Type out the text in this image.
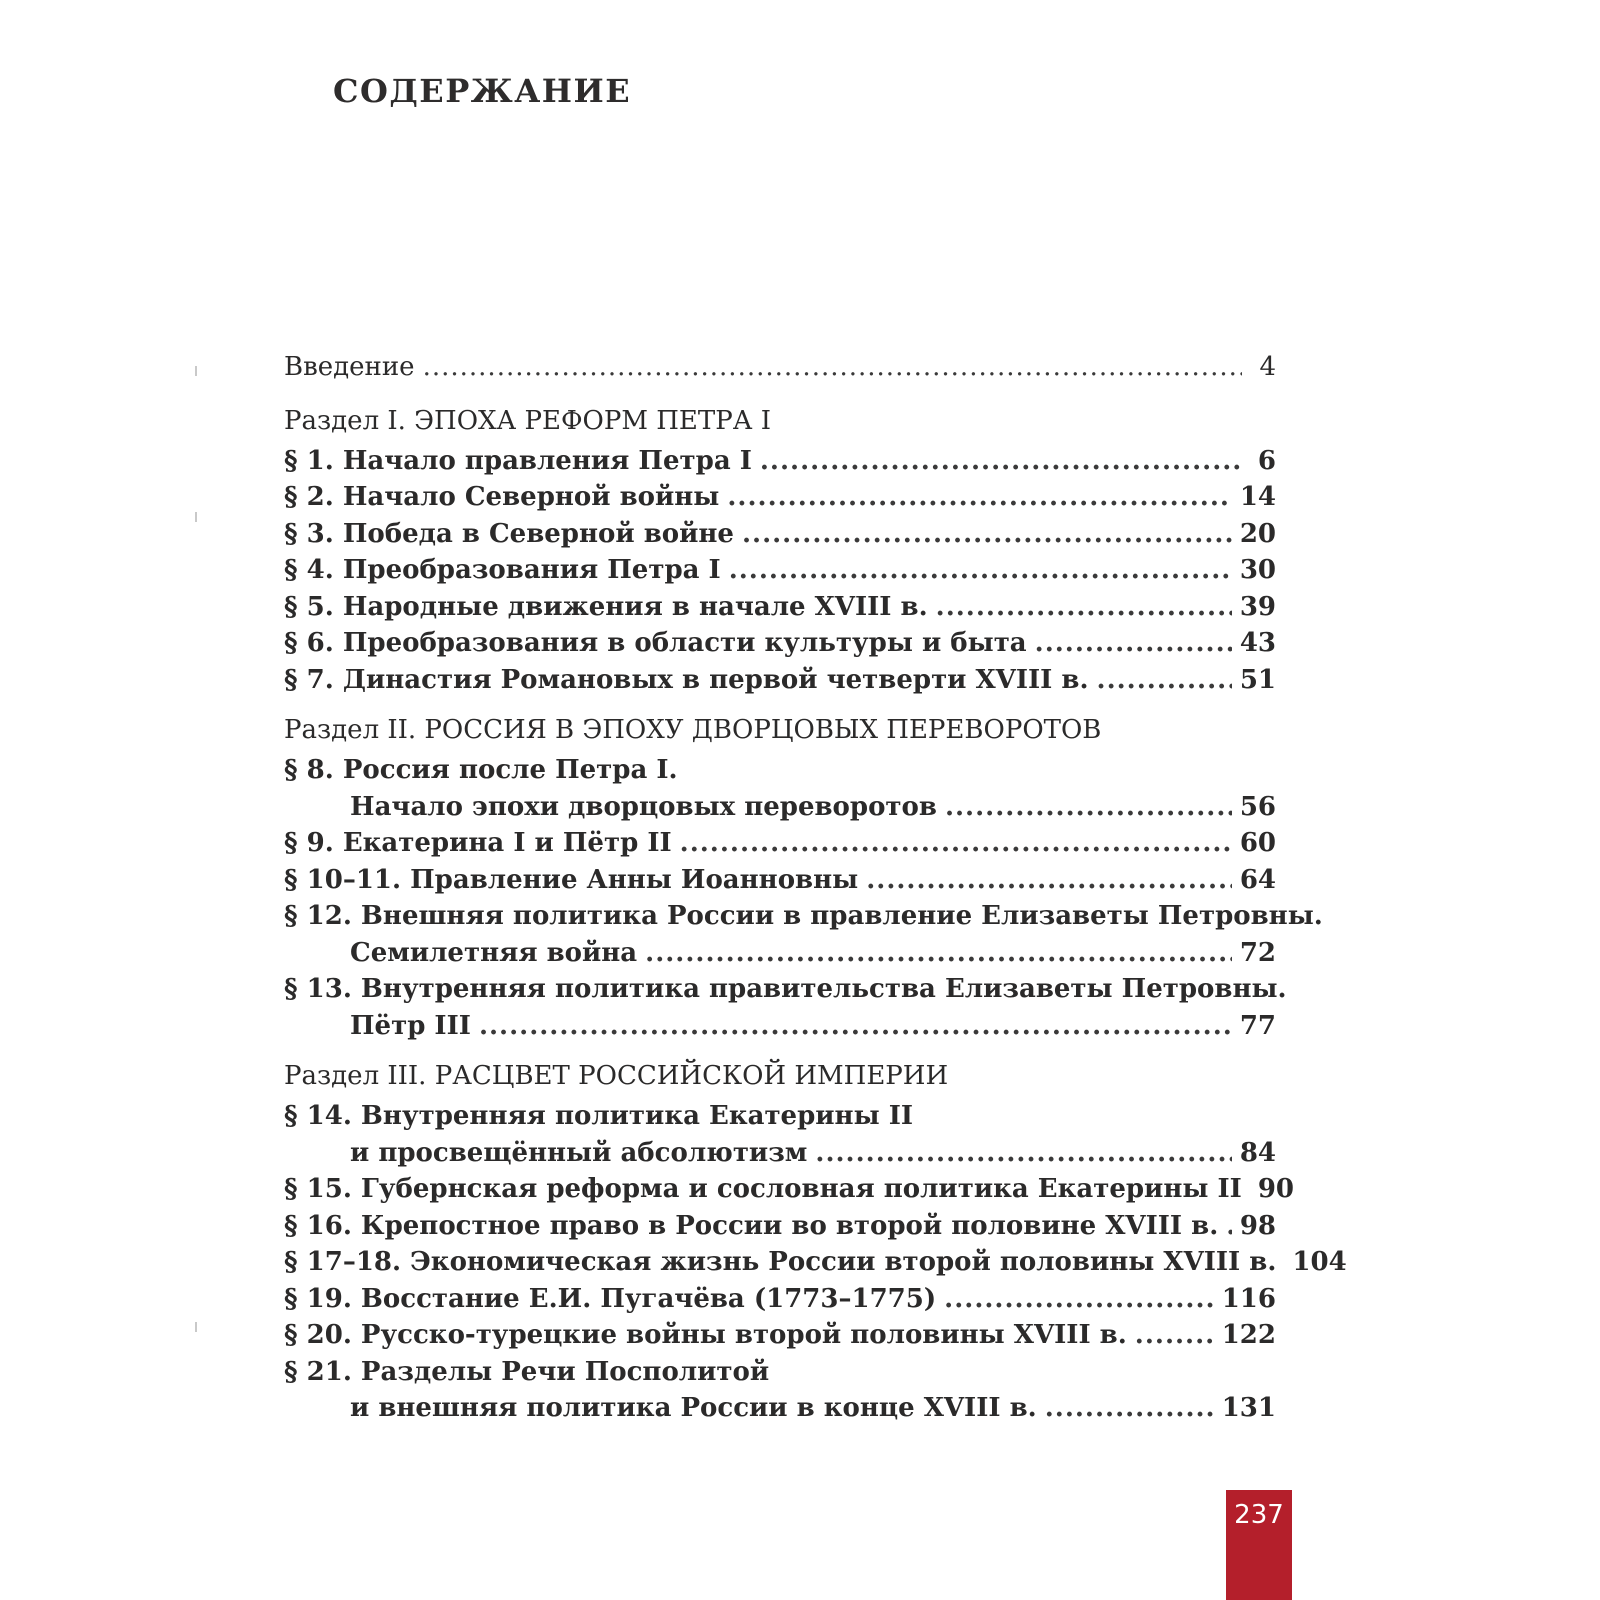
СОДЕРЖАНИЕ
Введение .....	4
Раздел I. ЭПОХА РЕФОРМ ПЕТРА I
§ 1. Начало правления Петра I .....	6
§ 2. Начало Северной войны .....	14
§ 3. Победа в Северной войне .....	20
§ 4. Преобразования Петра I .....	30
§ 5. Народные движения в начале XVIII в. .....	39
§ 6. Преобразования в области культуры и быта .....	43
§ 7. Династия Романовых в первой четверти XVIII в. .....	51
Раздел II. РОССИЯ В ЭПОХУ ДВОРЦОВЫХ ПЕРЕВОРОТОВ
§ 8. Россия после Петра I.
Начало эпохи дворцовых переворотов .....	56
§ 9. Екатерина I и Пётр II .....	60
§ 10–11. Правление Анны Иоанновны .....	64
§ 12. Внешняя политика России в правление Елизаветы Петровны.
Семилетняя война .....	72
§ 13. Внутренняя политика правительства Елизаветы Петровны.
Пётр III .....	77
Раздел III. РАСЦВЕТ РОССИЙСКОЙ ИМПЕРИИ
§ 14. Внутренняя политика Екатерины II
и просвещённый абсолютизм .....	84
§ 15. Губернская реформа и сословная политика Екатерины II 90
§ 16. Крепостное право в России во второй половине XVIII в. ..... 98
§ 17–18. Экономическая жизнь России второй половины XVIII в. 104
§ 19. Восстание Е.И. Пугачёва (1773–1775) .....	116
§ 20. Русско-турецкие войны второй половины XVIII в. .....	122
§ 21. Разделы Речи Посполитой
и внешняя политика России в конце XVIII в. .....	131
237
